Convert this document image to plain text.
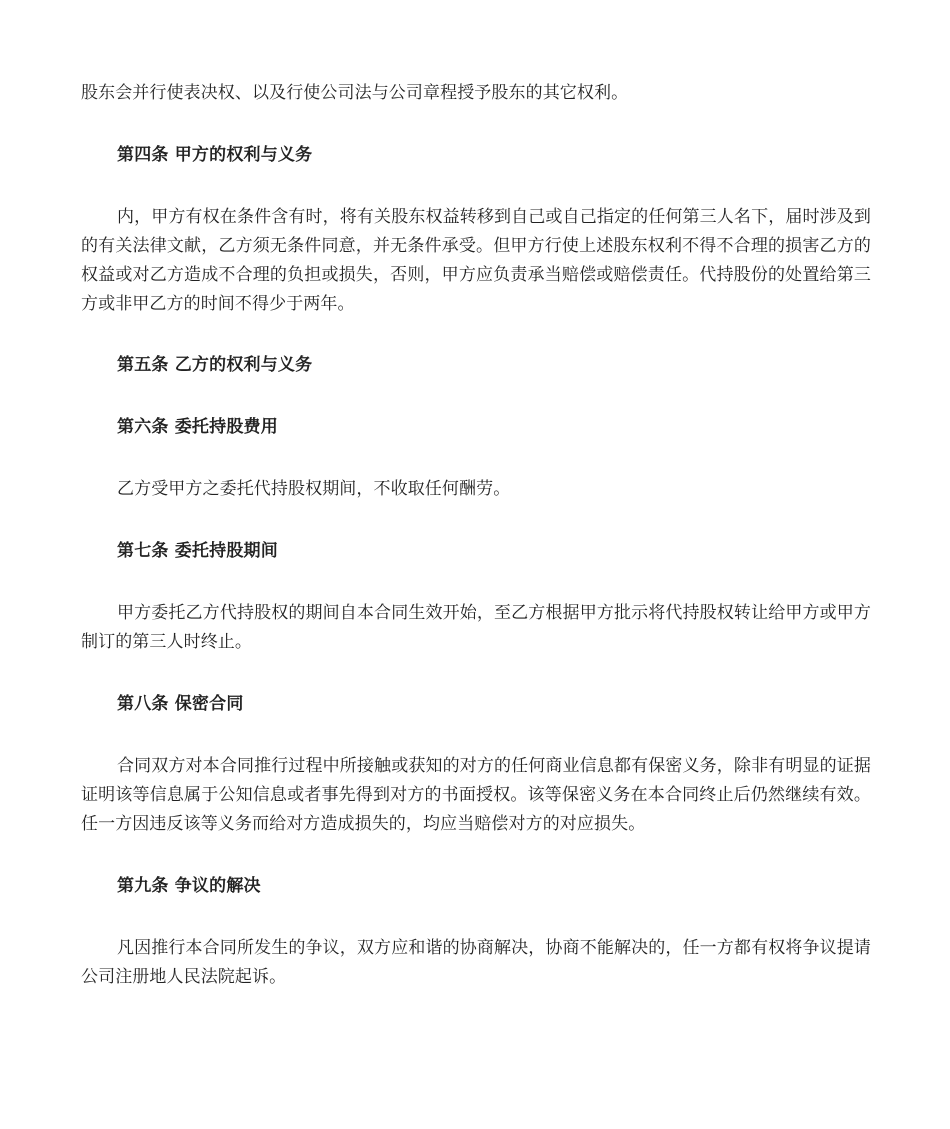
股东会并行使表决权、以及行使公司法与公司章程授予股东的其它权利。

第四条 甲方的权利与义务

内，甲方有权在条件含有时，将有关股东权益转移到自己或自己指定的任何第三人名下，届时涉及到的有关法律文献，乙方须无条件同意，并无条件承受。但甲方行使上述股东权利不得不合理的损害乙方的权益或对乙方造成不合理的负担或损失，否则，甲方应负责承当赔偿或赔偿责任。代持股份的处置给第三方或非甲乙方的时间不得少于两年。

第五条 乙方的权利与义务

第六条 委托持股费用

乙方受甲方之委托代持股权期间，不收取任何酬劳。

第七条 委托持股期间

甲方委托乙方代持股权的期间自本合同生效开始，至乙方根据甲方批示将代持股权转让给甲方或甲方制订的第三人时终止。

第八条 保密合同

合同双方对本合同推行过程中所接触或获知的对方的任何商业信息都有保密义务，除非有明显的证据证明该等信息属于公知信息或者事先得到对方的书面授权。该等保密义务在本合同终止后仍然继续有效。任一方因违反该等义务而给对方造成损失的，均应当赔偿对方的对应损失。

第九条 争议的解决

凡因推行本合同所发生的争议，双方应和谐的协商解决，协商不能解决的，任一方都有权将争议提请公司注册地人民法院起诉。
